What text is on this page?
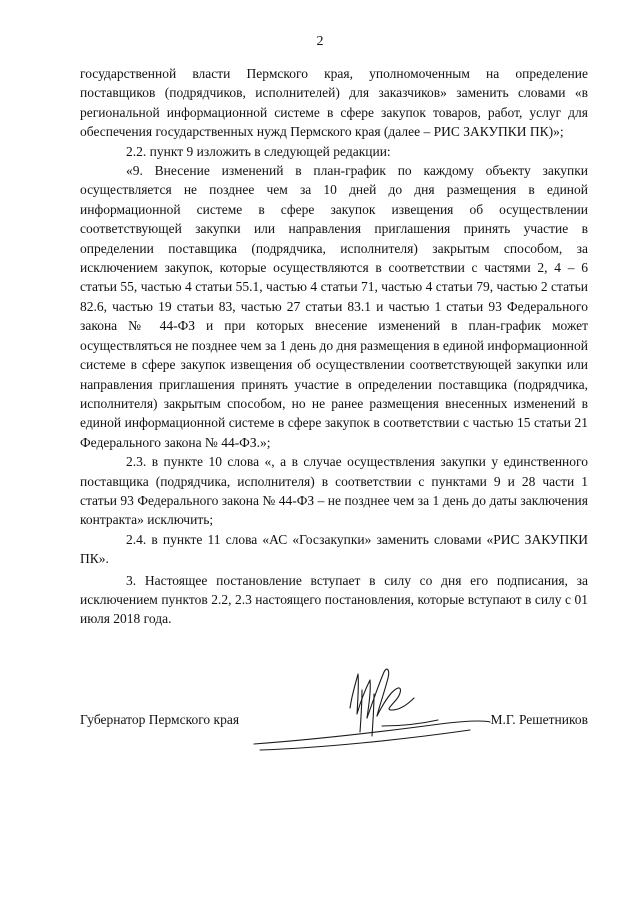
2

государственной власти Пермского края, уполномоченным на определение поставщиков (подрядчиков, исполнителей) для заказчиков» заменить словами «в региональной информационной системе в сфере закупок товаров, работ, услуг для обеспечения государственных нужд Пермского края (далее – РИС ЗАКУПКИ ПК)»;

2.2. пункт 9 изложить в следующей редакции:

«9. Внесение изменений в план-график по каждому объекту закупки осуществляется не позднее чем за 10 дней до дня размещения в единой информационной системе в сфере закупок извещения об осуществлении соответствующей закупки или направления приглашения принять участие в определении поставщика (подрядчика, исполнителя) закрытым способом, за исключением закупок, которые осуществляются в соответствии с частями 2, 4 – 6 статьи 55, частью 4 статьи 55.1, частью 4 статьи 71, частью 4 статьи 79, частью 2 статьи 82.6, частью 19 статьи 83, частью 27 статьи 83.1 и частью 1 статьи 93 Федерального закона № 44-ФЗ и при которых внесение изменений в план-график может осуществляться не позднее чем за 1 день до дня размещения в единой информационной системе в сфере закупок извещения об осуществлении соответствующей закупки или направления приглашения принять участие в определении поставщика (подрядчика, исполнителя) закрытым способом, но не ранее размещения внесенных изменений в единой информационной системе в сфере закупок в соответствии с частью 15 статьи 21 Федерального закона № 44-ФЗ.»;

2.3. в пункте 10 слова «, а в случае осуществления закупки у единственного поставщика (подрядчика, исполнителя) в соответствии с пунктами 9 и 28 части 1 статьи 93 Федерального закона № 44-ФЗ – не позднее чем за 1 день до даты заключения контракта» исключить;

2.4. в пункте 11 слова «АС «Госзакупки» заменить словами «РИС ЗАКУПКИ ПК».

3. Настоящее постановление вступает в силу со дня его подписания, за исключением пунктов 2.2, 2.3 настоящего постановления, которые вступают в силу с 01 июля 2018 года.

Губернатор Пермского края	М.Г. Решетников
